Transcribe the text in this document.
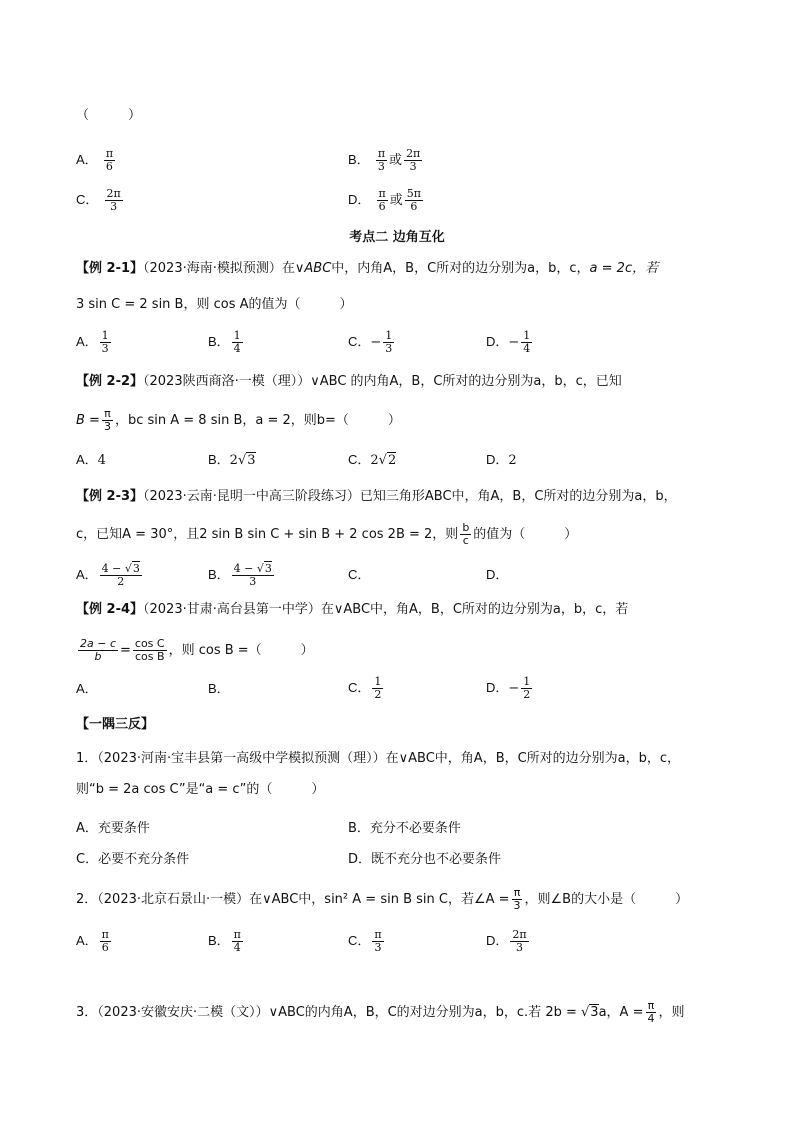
（　　　）
A． $\frac{\pi}{6}$	B． $\frac{\pi}{3}$ 或 $\frac{2\pi}{3}$
C． $\frac{2\pi}{3}$	D． $\frac{\pi}{6}$ 或 $\frac{5\pi}{6}$
考点二 边角互化
【例 2-1】（2023·海南·模拟预测）在∨ABC中，内角A，B，C所对的边分别为a，b，c，a = 2c，若
3 sin C = 2 sin B，则 cos A的值为（　　　）
A． $\frac{1}{3}$	B． $\frac{1}{4}$	C．− $\frac{1}{3}$	D．− $\frac{1}{4}$
【例 2-2】（2023陕西商洛·一模（理））∨ABC 的内角A，B，C所对的边分别为a，b，c，已知
$B = \frac{\pi}{3}$ ，bc sin A = 8 sin B，a = 2，则b=（　　　）
A．4	B．2√3	C．2√2	D．2
【例 2-3】（2023·云南·昆明一中高三阶段练习）已知三角形ABC中，角A，B，C所对的边分别为a，b，
c，已知A = 30°，且2 sin B sin C + sin B + 2 cos 2B = 2，则 $\frac{b}{c}$ 的值为（　　　）
A． $\frac{4 - √3}{2}$	B． $\frac{4 - √3}{3}$	C．	D．
【例 2-4】（2023·甘肃·高台县第一中学）在∨ABC中，角A，B，C所对的边分别为a，b，c，若
$\frac{2a - c}{b} = \frac{\text{cos C}}{\text{cos B}}$ ，则 cos B =（　　　）
A．	B．	C． $\frac{1}{2}$	D．− $\frac{1}{2}$
【一隅三反】
1．（2023·河南·宝丰县第一高级中学模拟预测（理））在∨ABC中，角A，B，C所对的边分别为a，b，c，
则“b = 2a cos C”是“a = c”的（　　　）
A．充要条件	B．充分不必要条件
C．必要不充分条件	D．既不充分也不必要条件
2．（2023·北京石景山·一模）在∨ABC中，sin² A = sin B sin C，若∠A = $\frac{\pi}{3}$ ，则∠B的大小是（　　　）
A． $\frac{\pi}{6}$	B． $\frac{\pi}{4}$	C． $\frac{\pi}{3}$	D． $\frac{2\pi}{3}$
3．（2023·安徽安庆·二模（文））∨ABC的内角A，B，C的对边分别为a，b，c.若 2b = √3a，$A = \frac{\pi}{4}$ ，则
